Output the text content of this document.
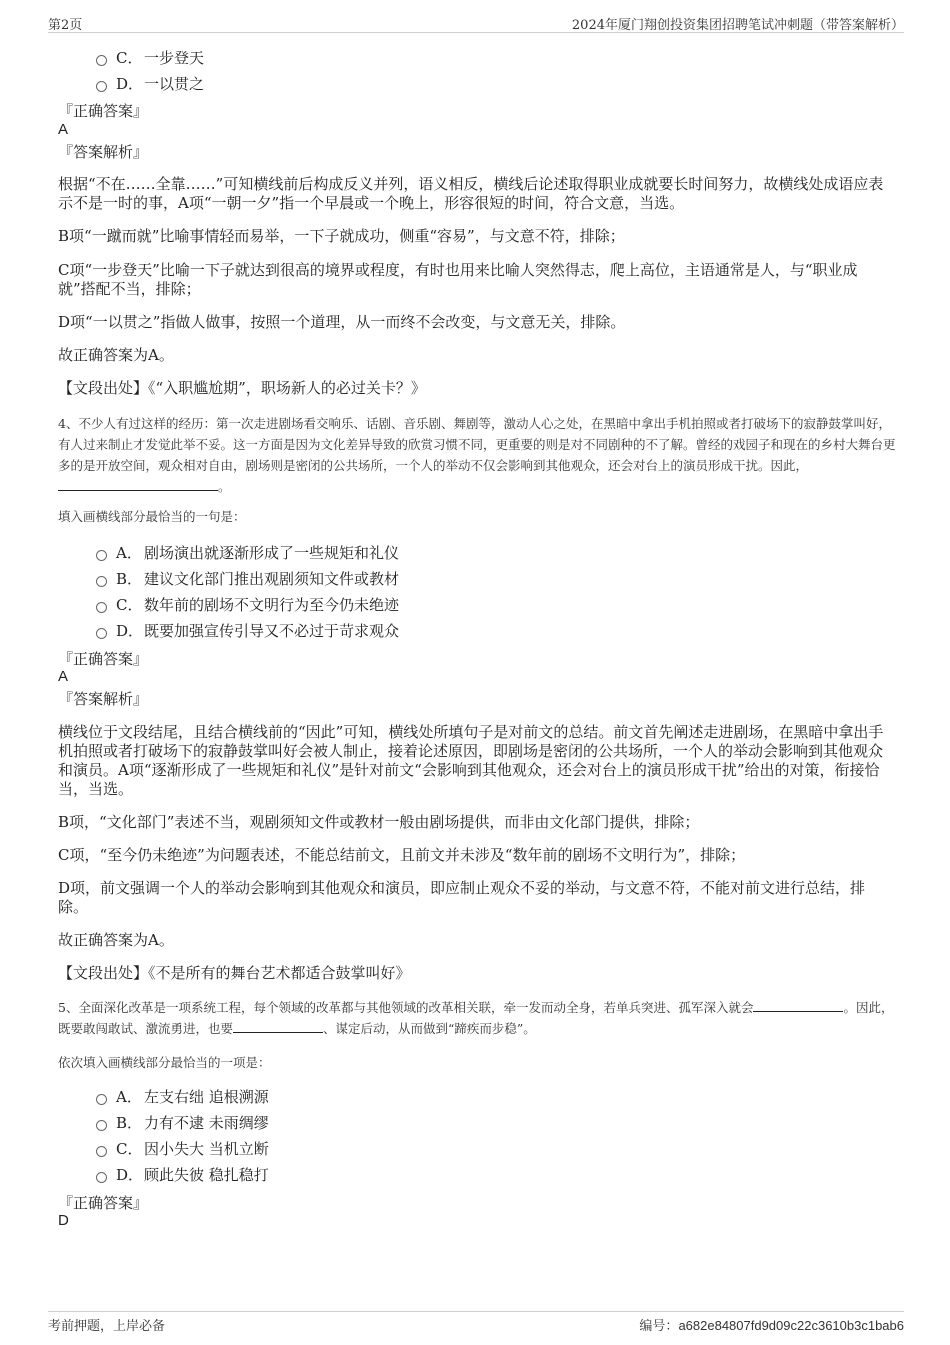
第2页	2024年厦门翔创投资集团招聘笔试冲刺题（带答案解析）
C． 一步登天
D． 一以贯之
『正确答案』
A
『答案解析』
根据“不在……全靠……”可知横线前后构成反义并列，语义相反，横线后论述取得职业成就要长时间努力，故横线处成语应表示不是一时的事，A项“一朝一夕”指一个早晨或一个晚上，形容很短的时间，符合文意，当选。
B项“一蹴而就”比喻事情轻而易举，一下子就成功，侧重“容易”，与文意不符，排除；
C项“一步登天”比喻一下子就达到很高的境界或程度，有时也用来比喻人突然得志，爬上高位，主语通常是人，与“职业成就”搭配不当，排除；
D项“一以贯之”指做人做事，按照一个道理，从一而终不会改变，与文意无关，排除。
故正确答案为A。
【文段出处】《“入职尴尬期”，职场新人的必过关卡？》
4、不少人有过这样的经历：第一次走进剧场看交响乐、话剧、音乐剧、舞剧等，激动人心之处，在黑暗中拿出手机拍照或者打破场下的寂静鼓掌叫好，有人过来制止才发觉此举不妥。这一方面是因为文化差异导致的欣赏习惯不同，更重要的则是对不同剧种的不了解。曾经的戏园子和现在的乡村大舞台更多的是开放空间，观众相对自由，剧场则是密闭的公共场所，一个人的举动不仅会影响到其他观众，还会对台上的演员形成干扰。因此，。
填入画横线部分最恰当的一句是：
A． 剧场演出就逐渐形成了一些规矩和礼仪
B． 建议文化部门推出观剧须知文件或教材
C． 数年前的剧场不文明行为至今仍未绝迹
D． 既要加强宣传引导又不必过于苛求观众
『正确答案』
A
『答案解析』
横线位于文段结尾，且结合横线前的“因此”可知，横线处所填句子是对前文的总结。前文首先阐述走进剧场，在黑暗中拿出手机拍照或者打破场下的寂静鼓掌叫好会被人制止，接着论述原因，即剧场是密闭的公共场所，一个人的举动会影响到其他观众和演员。A项“逐渐形成了一些规矩和礼仪”是针对前文“会影响到其他观众，还会对台上的演员形成干扰”给出的对策，衔接恰当，当选。
B项，“文化部门”表述不当，观剧须知文件或教材一般由剧场提供，而非由文化部门提供，排除；
C项，“至今仍未绝迹”为问题表述，不能总结前文，且前文并未涉及“数年前的剧场不文明行为”，排除；
D项，前文强调一个人的举动会影响到其他观众和演员，即应制止观众不妥的举动，与文意不符，不能对前文进行总结，排除。
故正确答案为A。
【文段出处】《不是所有的舞台艺术都适合鼓掌叫好》
5、全面深化改革是一项系统工程，每个领域的改革都与其他领域的改革相关联，牵一发而动全身，若单兵突进、孤军深入就会	。因此，既要敢闯敢试、激流勇进，也要	、谋定后动，从而做到“蹄疾而步稳”。
依次填入画横线部分最恰当的一项是：
A． 左支右绌 追根溯源
B． 力有不逮 未雨绸缪
C． 因小失大 当机立断
D． 顾此失彼 稳扎稳打
『正确答案』
D
考前押题，上岸必备	编号：a682e84807fd9d09c22c3610b3c1bab6
